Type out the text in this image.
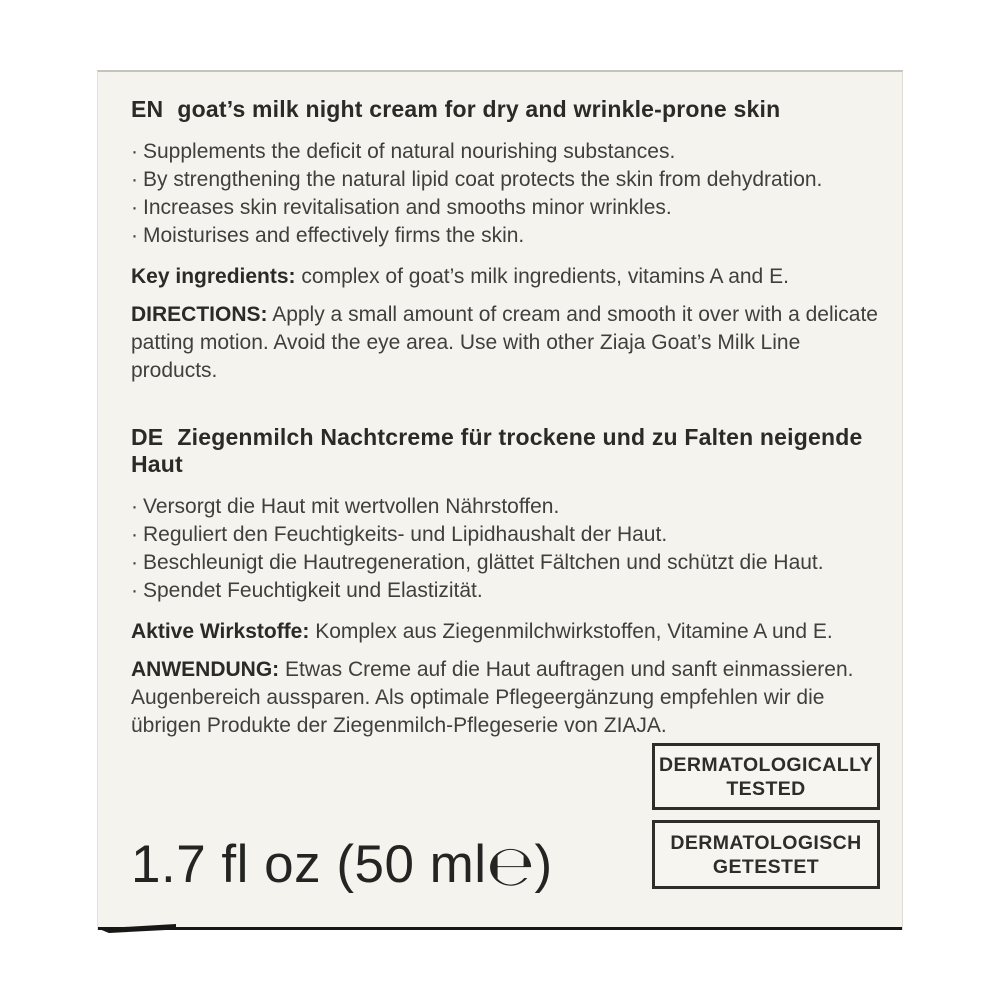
EN goat’s milk night cream for dry and wrinkle-prone skin
· Supplements the deficit of natural nourishing substances.
· By strengthening the natural lipid coat protects the skin from dehydration.
· Increases skin revitalisation and smooths minor wrinkles.
· Moisturises and effectively firms the skin.

Key ingredients: complex of goat’s milk ingredients, vitamins A and E.

DIRECTIONS: Apply a small amount of cream and smooth it over with a delicate patting motion. Avoid the eye area. Use with other Ziaja Goat’s Milk Line products.

DE Ziegenmilch Nachtcreme für trockene und zu Falten neigende Haut
· Versorgt die Haut mit wertvollen Nährstoffen.
· Reguliert den Feuchtigkeits- und Lipidhaushalt der Haut.
· Beschleunigt die Hautregeneration, glättet Fältchen und schützt die Haut.
· Spendet Feuchtigkeit und Elastizität.

Aktive Wirkstoffe: Komplex aus Ziegenmilchwirkstoffen, Vitamine A und E.

ANWENDUNG: Etwas Creme auf die Haut auftragen und sanft einmassieren. Augenbereich aussparen. Als optimale Pflegeergänzung empfehlen wir die übrigen Produkte der Ziegenmilch-Pflegeserie von ZIAJA.

DERMATOLOGICALLY
TESTED
DERMATOLOGISCH
GETESTET
1.7 fl oz (50 ml℮)
